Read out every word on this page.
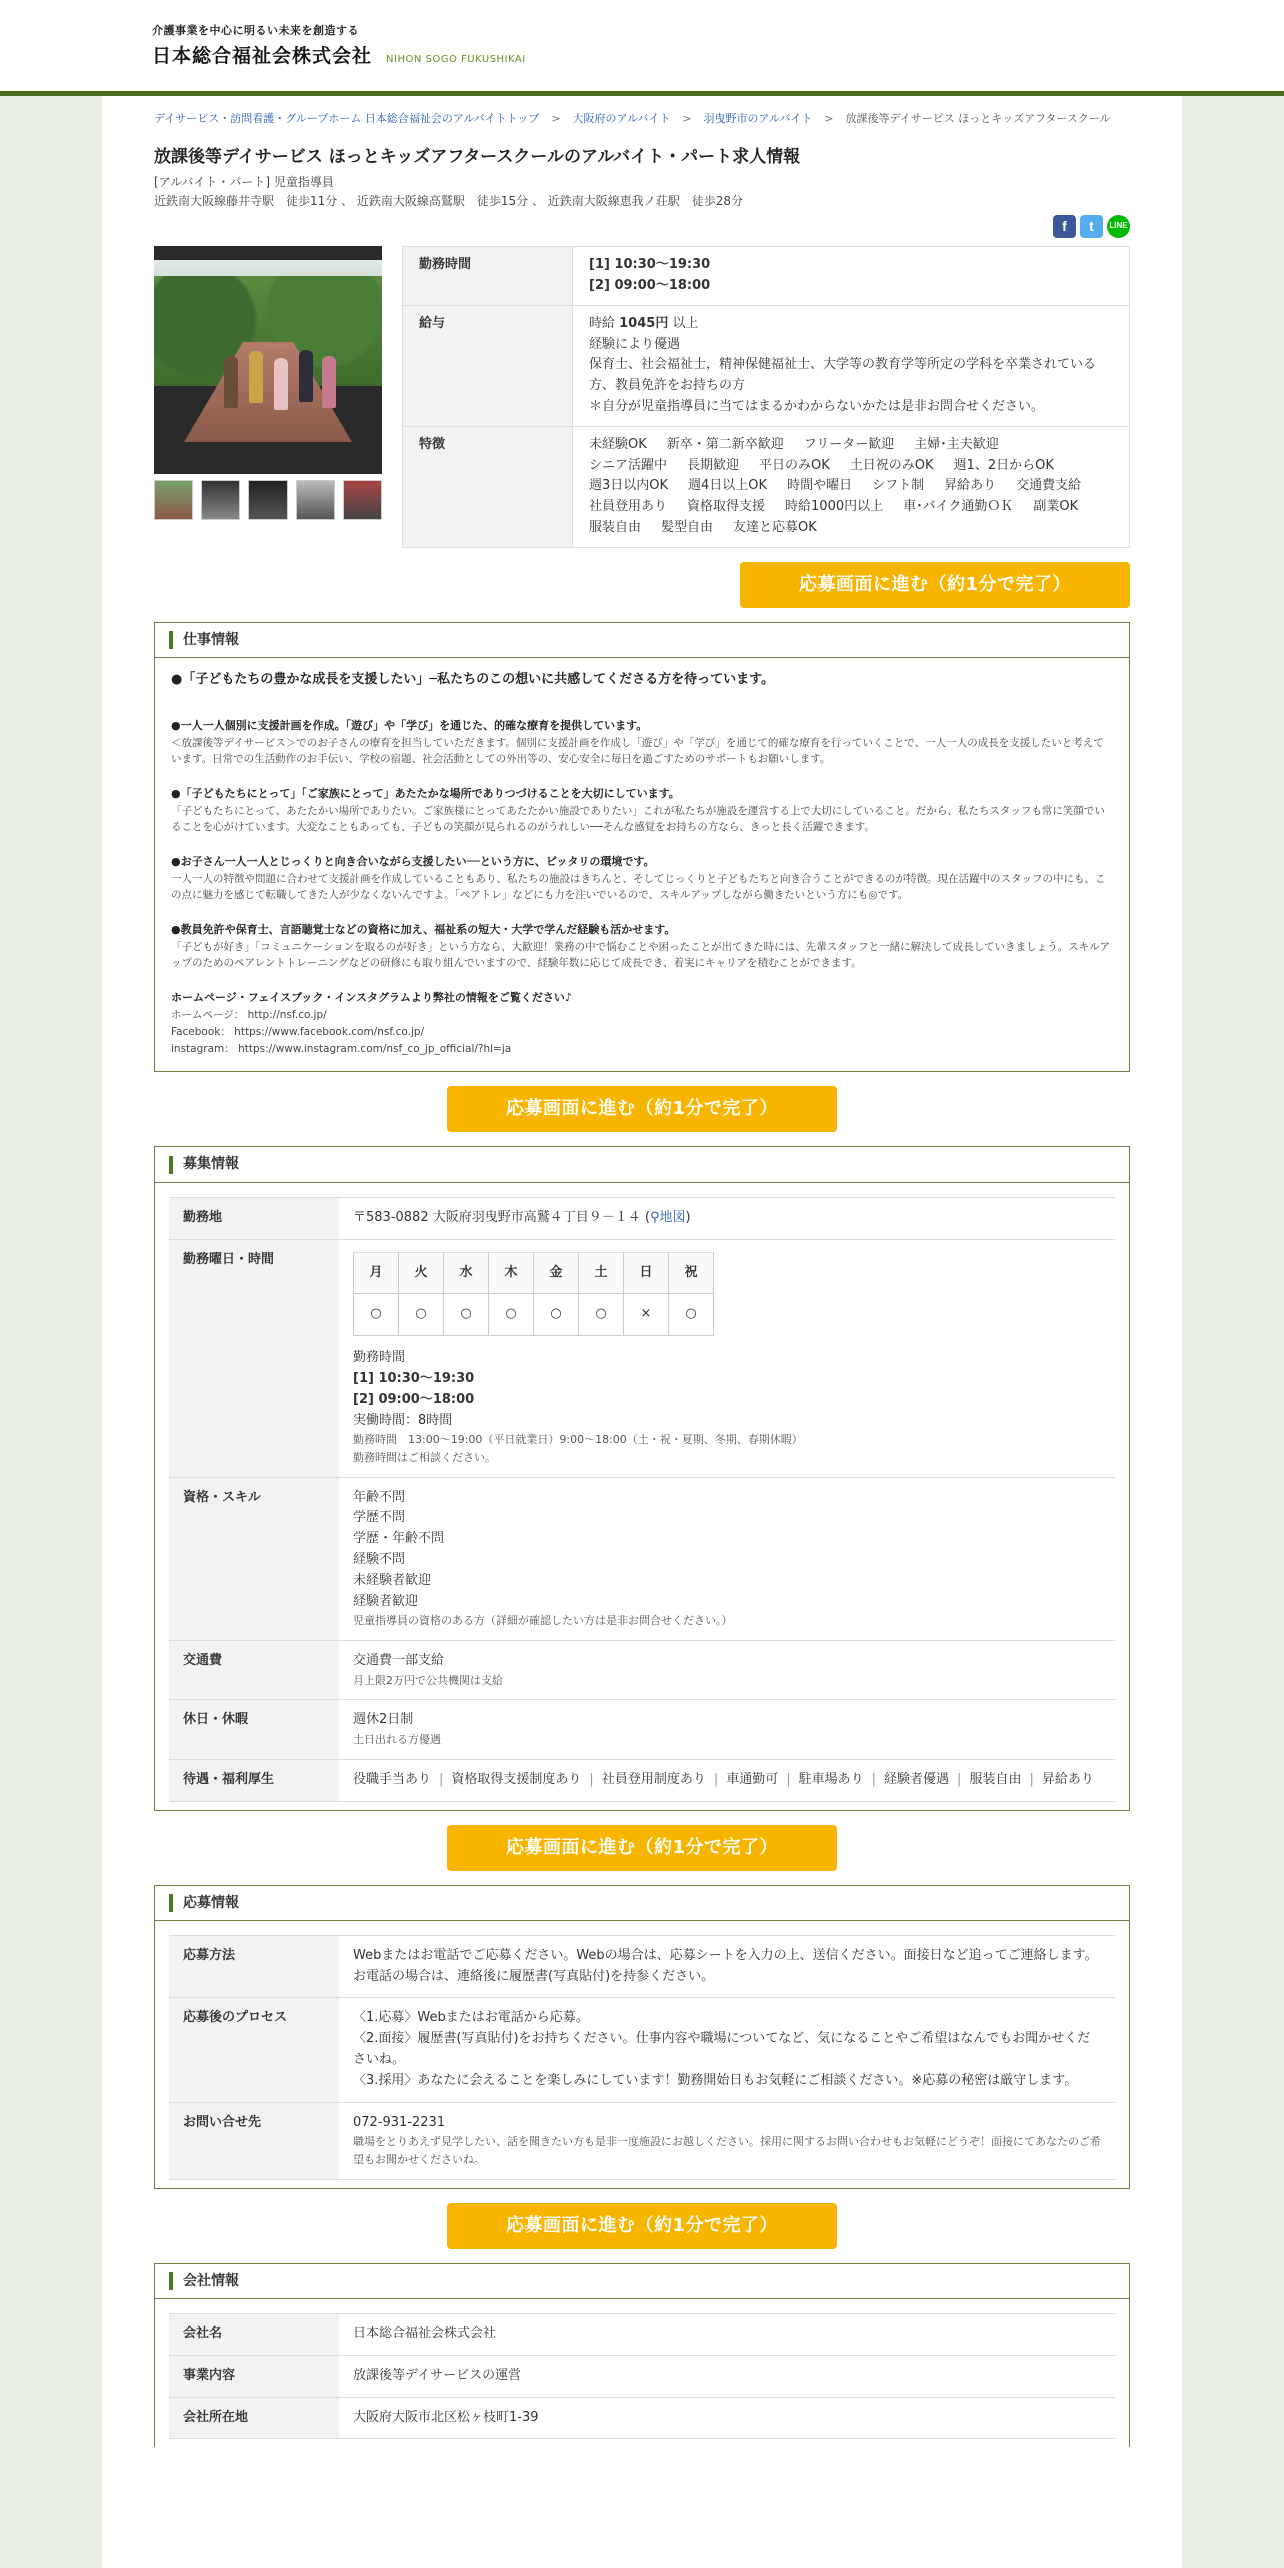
介護事業を中心に明るい未来を創造する
日本総合福祉会株式会社 NIHON SOGO FUKUSHIKAI
デイサービス・訪問看護・グループホーム 日本総合福祉会のアルバイトトップ > 大阪府のアルバイト > 羽曳野市のアルバイト > 放課後等デイサービス ほっとキッズアフタースクール
放課後等デイサービス ほっとキッズアフタースクールのアルバイト・パート求人情報
[アルバイト・パート] 児童指導員
近鉄南大阪線藤井寺駅　徒歩11分 、 近鉄南大阪線高鷲駅　徒歩15分 、 近鉄南大阪線恵我ノ荘駅　徒歩28分
f	t	LINE
勤務時間	[1] 10:30～19:30
[2] 09:00～18:00

給与	時給 1045円 以上
経験により優遇
保育士、社会福祉士，精神保健福祉士、大学等の教育学等所定の学科を卒業されている方、教員免許をお持ちの方
＊自分が児童指導員に当てはまるかわからないかたは是非お問合せください。

特徴	未経験OK 新卒・第二新卒歓迎 フリーター歓迎 主婦･主夫歓迎シニア活躍中 長期歓迎 平日のみOK 土日祝のみOK 週1、2日からOK週3日以内OK 週4日以上OK 時間や曜日 シフト制 昇給あり 交通費支給社員登用あり 資格取得支援 時給1000円以上 車･バイク通勤ＯＫ 副業OK服装自由 髪型自由 友達と応募OK
応募画面に進む（約1分で完了）
仕事情報
●「子どもたちの豊かな成長を支援したい」─私たちのこの想いに共感してくださる方を待っています。
●一人一人個別に支援計画を作成。「遊び」や「学び」を通じた、的確な療育を提供しています。
＜放課後等デイサービス＞でのお子さんの療育を担当していただきます。個別に支援計画を作成し「遊び」や「学び」を通じて的確な療育を行っていくことで、一人一人の成長を支援したいと考えています。日常での生活動作のお手伝い、学校の宿題、社会活動としての外出等の、安心安全に毎日を過ごすためのサポートもお願いします。
●「子どもたちにとって」「ご家族にとって」あたたかな場所でありつづけることを大切にしています。
「子どもたちにとって、あたたかい場所でありたい。ご家族様にとってあたたかい施設でありたい」これが私たちが施設を運営する上で大切にしていること。だから、私たちスタッフも常に笑顔でいることを心がけています。大変なこともあっても、子どもの笑顔が見られるのがうれしい──そんな感覚をお持ちの方なら、きっと長く活躍できます。
●お子さん一人一人とじっくりと向き合いながら支援したい──という方に、ピッタリの環境です。
一人一人の特徴や問題に合わせて支援計画を作成していることもあり、私たちの施設はきちんと、そしてじっくりと子どもたちと向き合うことができるのが特徴。現在活躍中のスタッフの中にも、この点に魅力を感じて転職してきた人が少なくないんですよ。「ペアトレ」などにも力を注いでいるので、スキルアップしながら働きたいという方にも◎です。
●教員免許や保育士、言語聴覚士などの資格に加え、福祉系の短大・大学で学んだ経験も活かせます。
「子どもが好き」「コミュニケーションを取るのが好き」という方なら、大歓迎！業務の中で悩むことや困ったことが出てきた時には、先輩スタッフと一緒に解決して成長していきましょう。スキルアップのためのペアレントトレーニングなどの研修にも取り組んでいますので、経験年数に応じて成長でき、着実にキャリアを積むことができます。
ホームページ・フェイスブック・インスタグラムより弊社の情報をご覧ください♪
ホームページ： http://nsf.co.jp/
Facebook： https://www.facebook.com/nsf.co.jp/
instagram： https://www.instagram.com/nsf_co_jp_official/?hl=ja
応募画面に進む（約1分で完了）
募集情報
勤務地	〒583-0882 大阪府羽曳野市高鷲４丁目９－１４ (⚲地図)
勤務曜日・時間	
月	火	水	木	金	土	日	祝
○	○	○	○	○	○	×	○
勤務時間
[1] 10:30～19:30
[2] 09:00～18:00
実働時間：8時間
勤務時間　13:00～19:00（平日就業日）9:00～18:00（土・祝・夏期、冬期、春期休暇）
勤務時間はご相談ください。

資格・スキル	年齢不問
学歴不問
学歴・年齢不問
経験不問
未経験者歓迎
経験者歓迎
児童指導員の資格のある方（詳細が確認したい方は是非お問合せください。）

交通費	交通費一部支給
月上限2万円で公共機関は支給

休日・休暇	週休2日制
土日出れる方優遇

待遇・福利厚生	役職手当あり | 資格取得支援制度あり | 社員登用制度あり | 車通勤可 | 駐車場あり | 経験者優遇 | 服装自由 | 昇給あり
応募画面に進む（約1分で完了）
応募情報
応募方法	Webまたはお電話でご応募ください。Webの場合は、応募シートを入力の上、送信ください。面接日など追ってご連絡します。お電話の場合は、連絡後に履歴書(写真貼付)を持参ください。
応募後のプロセス	〈1.応募〉Webまたはお電話から応募。
〈2.面接〉履歴書(写真貼付)をお持ちください。仕事内容や職場についてなど、気になることやご希望はなんでもお聞かせくださいね。
〈3.採用〉あなたに会えることを楽しみにしています！勤務開始日もお気軽にご相談ください。※応募の秘密は厳守します。

お問い合せ先	072-931-2231
職場をとりあえず見学したい、話を聞きたい方も是非一度施設にお越しください。採用に関するお問い合わせもお気軽にどうぞ！面接にてあなたのご希望もお聞かせくださいね。
応募画面に進む（約1分で完了）
会社情報
会社名	日本総合福祉会株式会社
事業内容	放課後等デイサービスの運営
会社所在地	大阪府大阪市北区松ヶ枝町1-39
